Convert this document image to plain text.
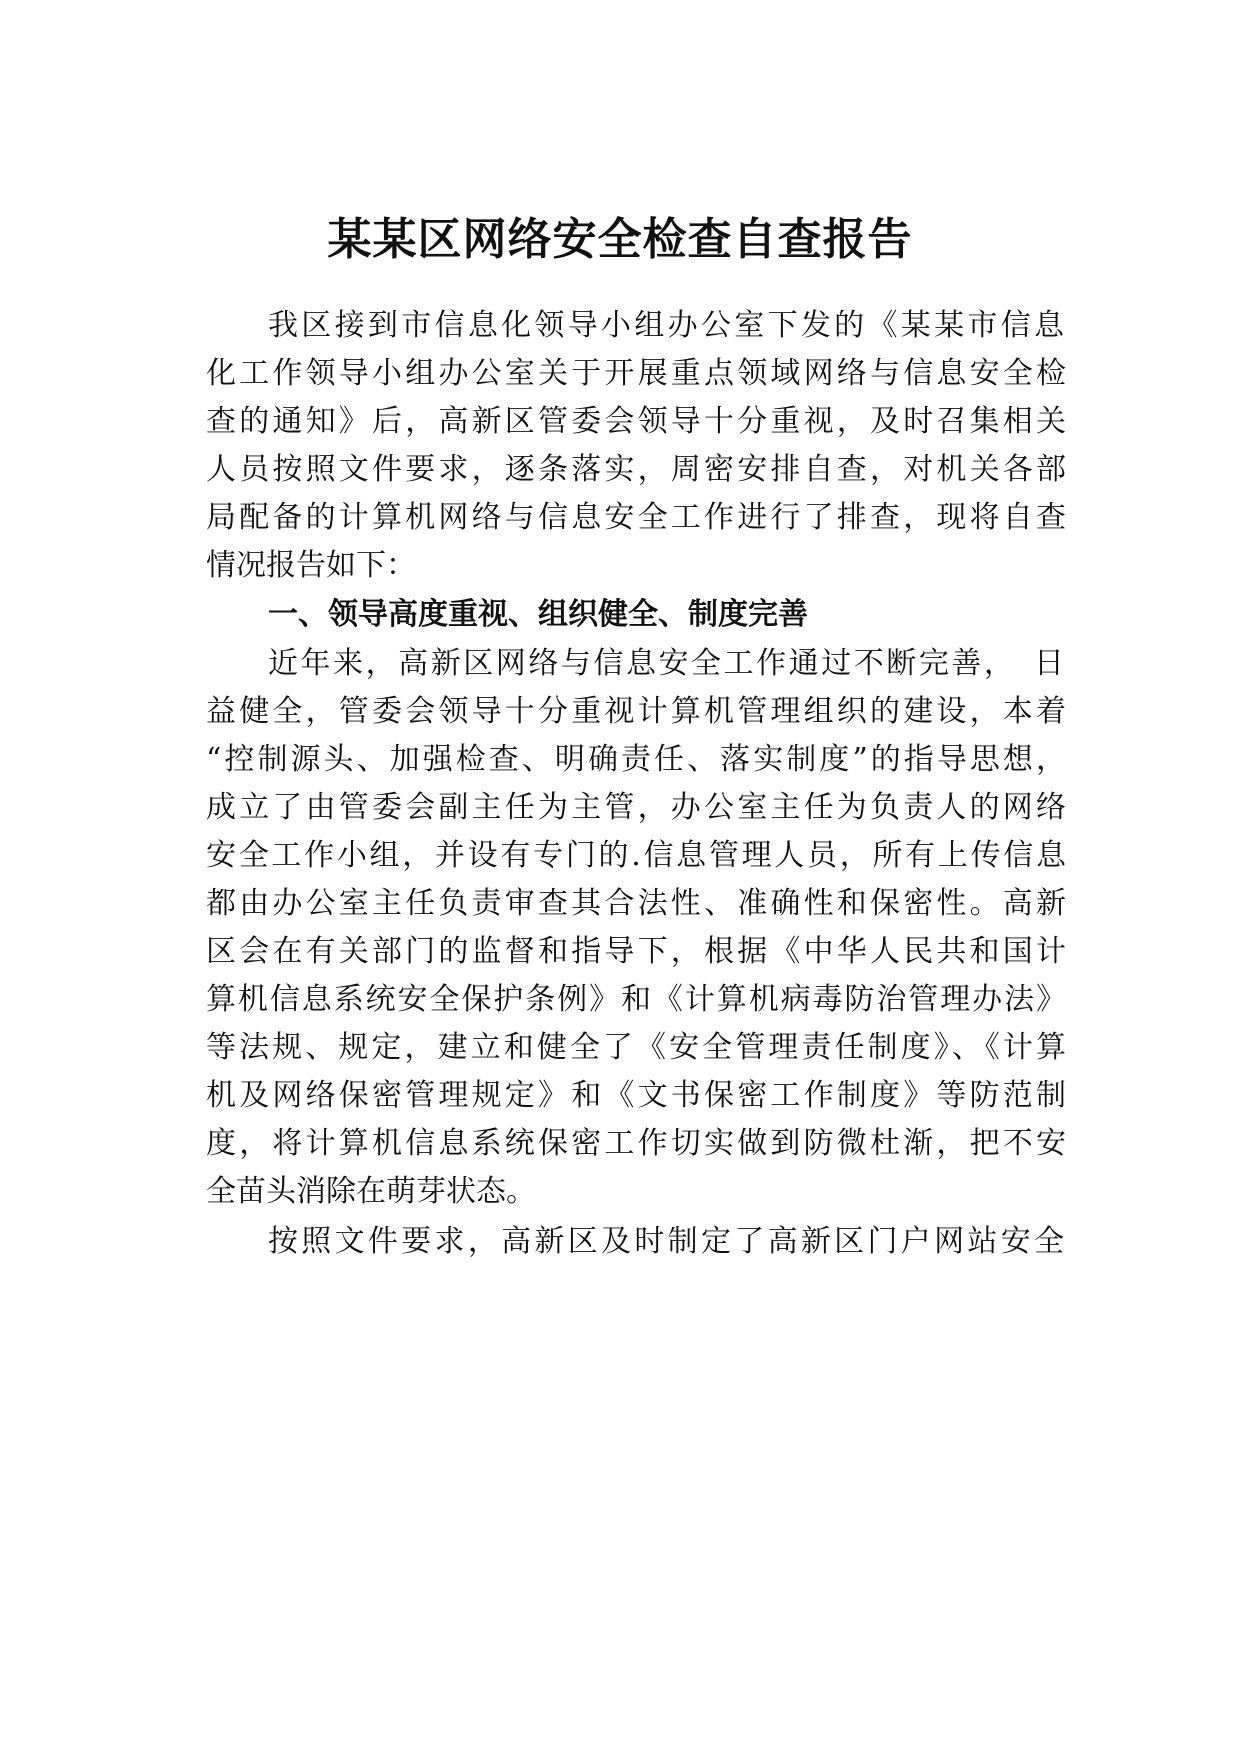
某某区网络安全检查自查报告
我区接到市信息化领导小组办公室下发的《某某市信息
化工作领导小组办公室关于开展重点领域网络与信息安全检
查的通知》后，高新区管委会领导十分重视，及时召集相关
人员按照文件要求，逐条落实，周密安排自查，对机关各部
局配备的计算机网络与信息安全工作进行了排查，现将自查
情况报告如下：
一、领导高度重视、组织健全、制度完善
近年来，高新区网络与信息安全工作通过不断完善，　日
益健全，管委会领导十分重视计算机管理组织的建设，本着
“控制源头、加强检查、明确责任、落实制度”的指导思想，
成立了由管委会副主任为主管，办公室主任为负责人的网络
安全工作小组，并设有专门的.信息管理人员，所有上传信息
都由办公室主任负责审查其合法性、准确性和保密性。高新
区会在有关部门的监督和指导下，根据《中华人民共和国计
算机信息系统安全保护条例》和《计算机病毒防治管理办法》
等法规、规定，建立和健全了《安全管理责任制度》、《计算
机及网络保密管理规定》和《文书保密工作制度》等防范制
度，将计算机信息系统保密工作切实做到防微杜渐，把不安
全苗头消除在萌芽状态。
按照文件要求，高新区及时制定了高新区门户网站安全
